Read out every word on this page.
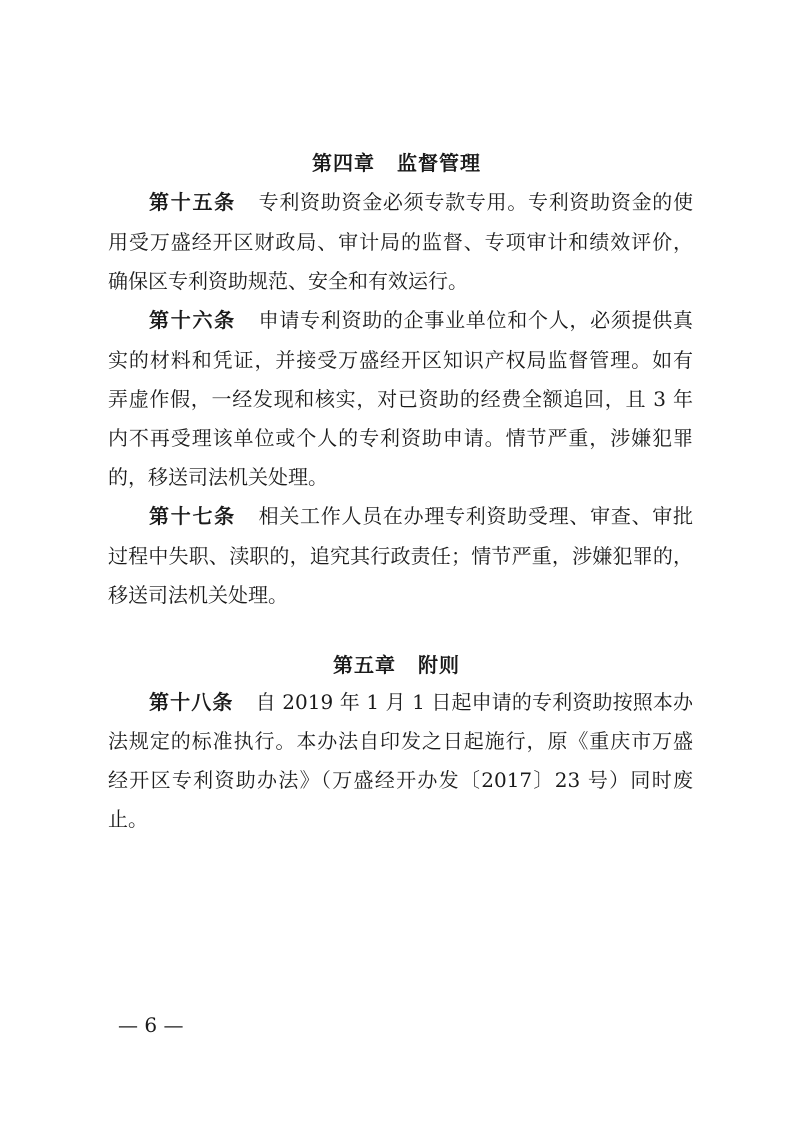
第四章 监督管理
第十五条 专利资助资金必须专款专用。专利资助资金的使
用受万盛经开区财政局、审计局的监督、专项审计和绩效评价，
确保区专利资助规范、安全和有效运行。
第十六条 申请专利资助的企事业单位和个人，必须提供真
实的材料和凭证，并接受万盛经开区知识产权局监督管理。如有
弄虚作假，一经发现和核实，对已资助的经费全额追回，且 3 年
内不再受理该单位或个人的专利资助申请。情节严重，涉嫌犯罪
的，移送司法机关处理。
第十七条 相关工作人员在办理专利资助受理、审查、审批
过程中失职、渎职的，追究其行政责任；情节严重，涉嫌犯罪的，
移送司法机关处理。
第五章 附则
第十八条 自 2019 年 1 月 1 日起申请的专利资助按照本办
法规定的标准执行。本办法自印发之日起施行，原《重庆市万盛
经开区专利资助办法》（万盛经开办发〔2017〕23 号）同时废
止。
— 6 —
